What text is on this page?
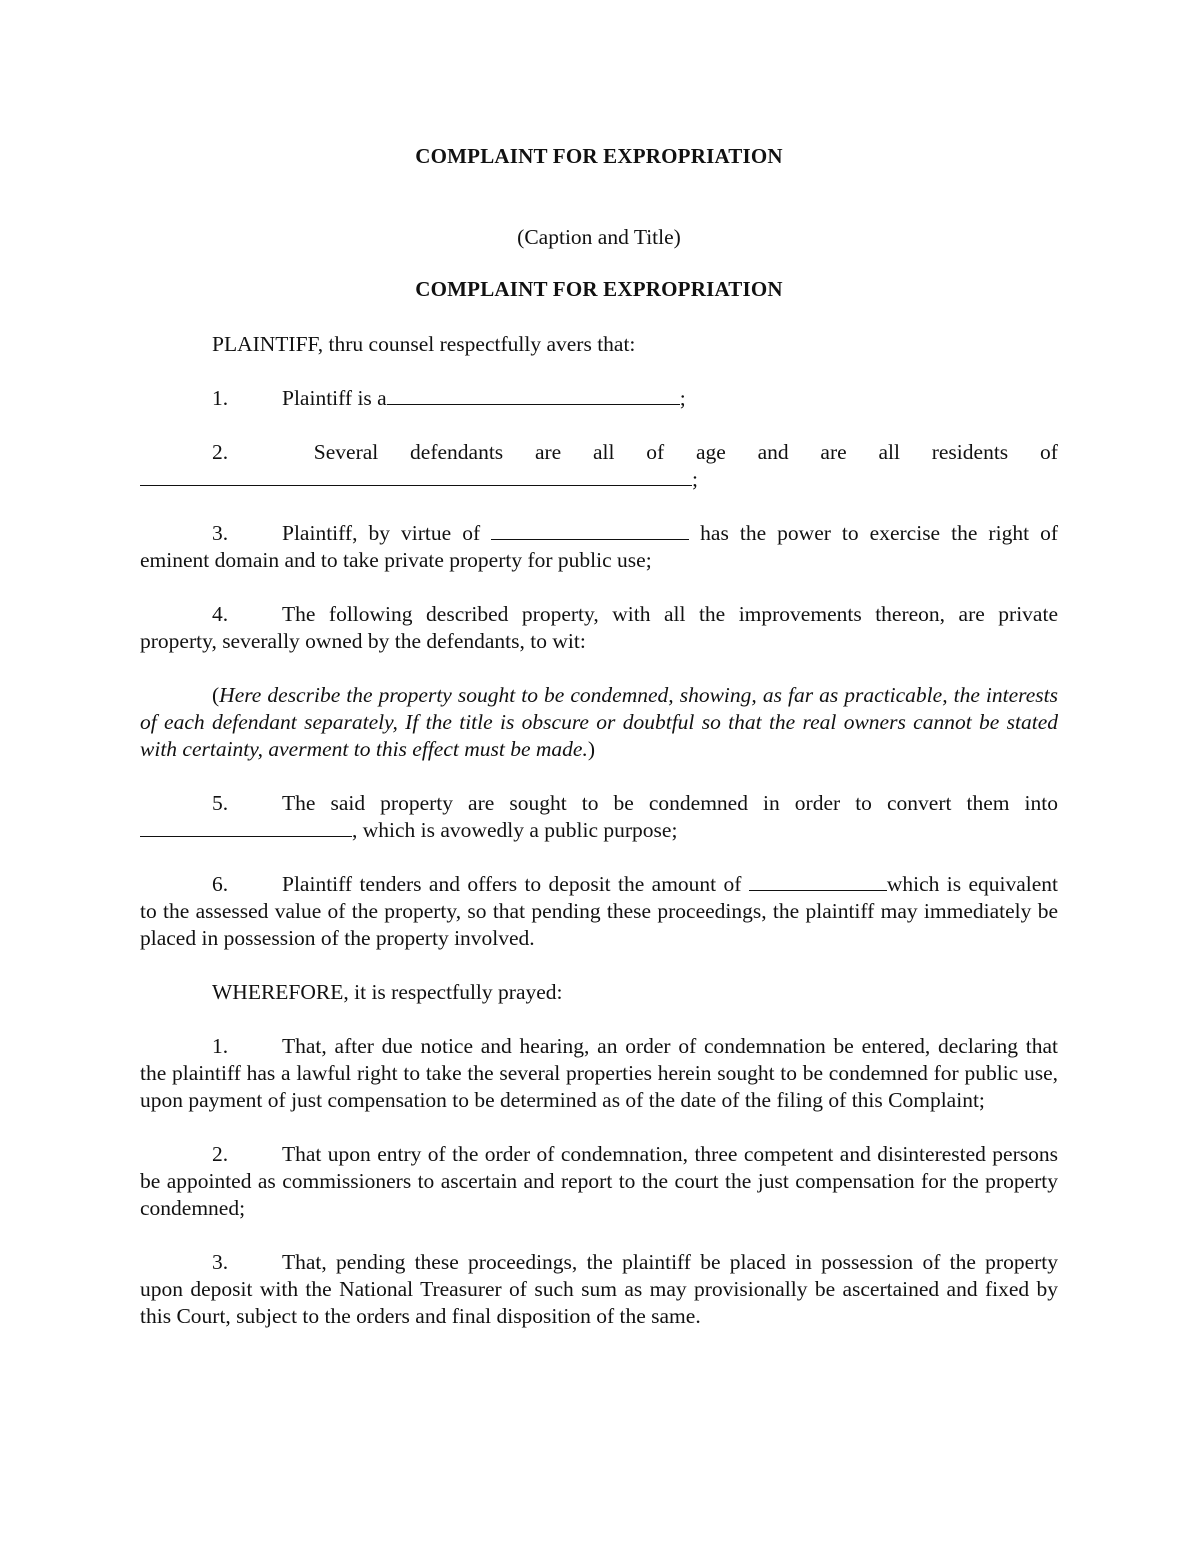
COMPLAINT FOR EXPROPRIATION

(Caption and Title)

COMPLAINT FOR EXPROPRIATION

PLAINTIFF, thru counsel respectfully avers that:

1.	Plaintiff is a	;

2.	Several defendants are all of age and are all residents of
;

3.	Plaintiff, by virtue of	has the power to exercise the right of eminent domain and to take private property for public use;

4.	The following described property, with all the improvements thereon, are private property, severally owned by the defendants, to wit:

(Here describe the property sought to be condemned, showing, as far as practicable, the interests of each defendant separately, If the title is obscure or doubtful so that the real owners cannot be stated with certainty, averment to this effect must be made.)

5.	The said property are sought to be condemned in order to convert them into, which is avowedly a public purpose;

6.	Plaintiff tenders and offers to deposit the amount of	which is equivalent to the assessed value of the property, so that pending these proceedings, the plaintiff may immediately be placed in possession of the property involved.

WHEREFORE, it is respectfully prayed:

1.	That, after due notice and hearing, an order of condemnation be entered, declaring that the plaintiff has a lawful right to take the several properties herein sought to be condemned for public use, upon payment of just compensation to be determined as of the date of the filing of this Complaint;

2.	That upon entry of the order of condemnation, three competent and disinterested persons be appointed as commissioners to ascertain and report to the court the just compensation for the property condemned;

3.	That, pending these proceedings, the plaintiff be placed in possession of the property upon deposit with the National Treasurer of such sum as may provisionally be ascertained and fixed by this Court, subject to the orders and final disposition of the same.
